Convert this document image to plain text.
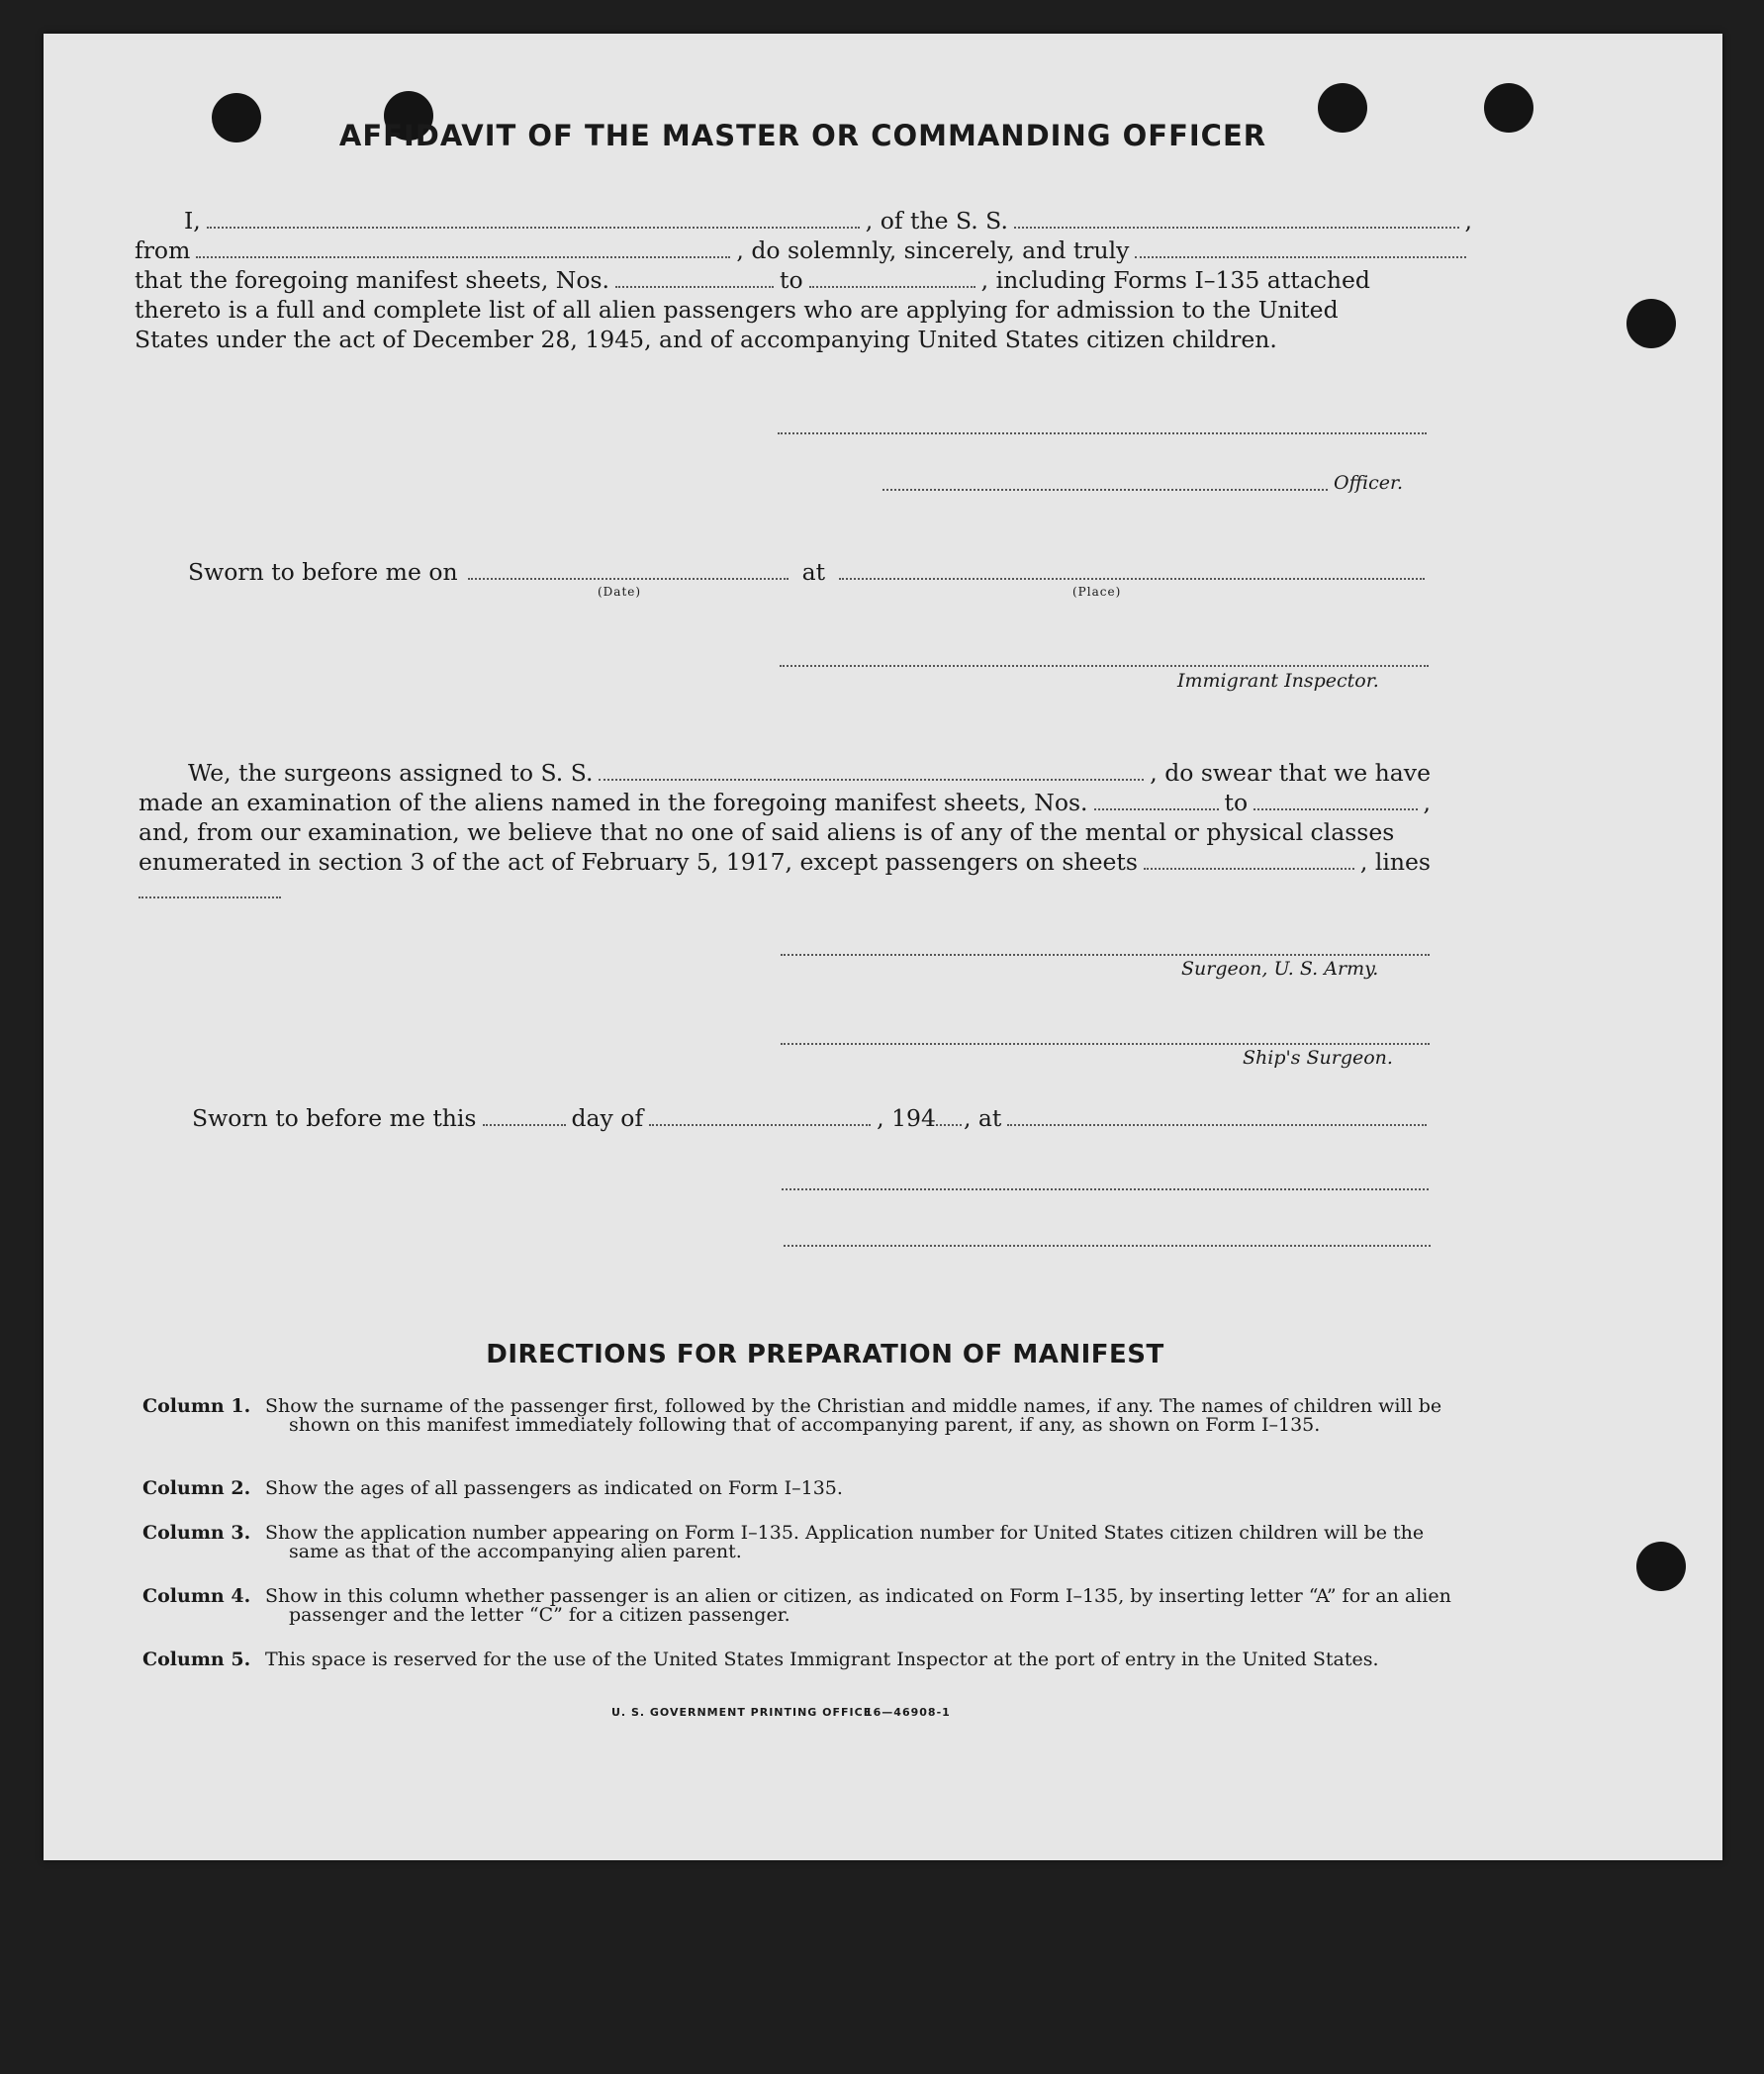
AFFIDAVIT OF THE MASTER OR COMMANDING OFFICER
I,	, of the S. S.	,
from	, do solemnly, sincerely, and truly
that the foregoing manifest sheets, Nos.	to	, including Forms I–135 attached
thereto is a full and complete list of all alien passengers who are applying for admission to the United
States under the act of December 28, 1945, and of accompanying United States citizen children.
Officer.
Sworn to before me on	at
(Date)	(Place)
Immigrant Inspector.
We, the surgeons assigned to S. S.	, do swear that we have
made an examination of the aliens named in the foregoing manifest sheets, Nos.	to	,
and, from our examination, we believe that no one of said aliens is of any of the mental or physical classes
enumerated in section 3 of the act of February 5, 1917, except passengers on sheets	, lines
Surgeon, U. S. Army.
Ship's Surgeon.
Sworn to before me this	day of	, 194 , at
DIRECTIONS FOR PREPARATION OF MANIFEST
Column 1. Show the surname of the passenger first, followed by the Christian and middle names, if any. The names of children will be shown on this manifest immediately following that of accompanying parent, if any, as shown on Form I–135.
Column 2. Show the ages of all passengers as indicated on Form I–135.
Column 3. Show the application number appearing on Form I–135. Application number for United States citizen children will be the same as that of the accompanying alien parent.
Column 4. Show in this column whether passenger is an alien or citizen, as indicated on Form I–135, by inserting letter “A” for an alien passenger and the letter “C” for a citizen passenger.
Column 5. This space is reserved for the use of the United States Immigrant Inspector at the port of entry in the United States.
U. S. GOVERNMENT PRINTING OFFICE
16—46908-1
